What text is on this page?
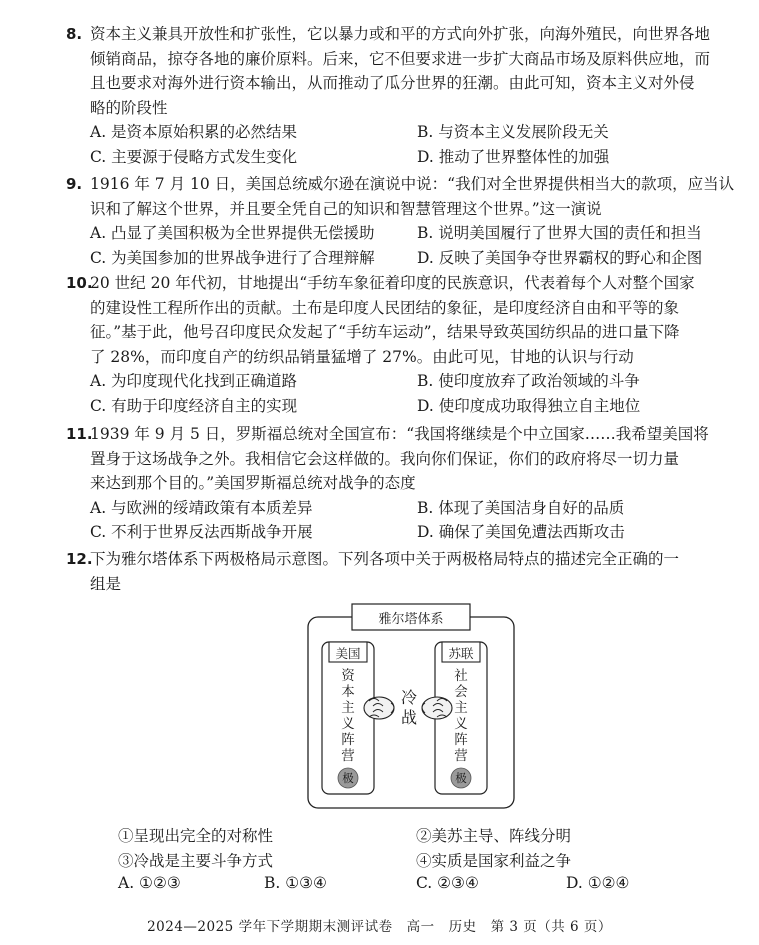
8. 资本主义兼具开放性和扩张性，它以暴力或和平的方式向外扩张，向海外殖民，向世界各地
倾销商品，掠夺各地的廉价原料。后来，它不但要求进一步扩大商品市场及原料供应地，而
且也要求对海外进行资本输出，从而推动了瓜分世界的狂潮。由此可知，资本主义对外侵
略的阶段性
A. 是资本原始积累的必然结果	B. 与资本主义发展阶段无关
C. 主要源于侵略方式发生变化	D. 推动了世界整体性的加强
9. 1916 年 7 月 10 日，美国总统威尔逊在演说中说：“我们对全世界提供相当大的款项，应当认
识和了解这个世界，并且要全凭自己的知识和智慧管理这个世界。”这一演说
A. 凸显了美国积极为全世界提供无偿援助	B. 说明美国履行了世界大国的责任和担当
C. 为美国参加的世界战争进行了合理辩解	D. 反映了美国争夺世界霸权的野心和企图
10.
20 世纪 20 年代初，甘地提出“手纺车象征着印度的民族意识，代表着每个人对整个国家
的建设性工程所作出的贡献。土布是印度人民团结的象征，是印度经济自由和平等的象
征。”基于此，他号召印度民众发起了“手纺车运动”，结果导致英国纺织品的进口量下降
了 28%，而印度自产的纺织品销量猛增了 27%。由此可见，甘地的认识与行动
A. 为印度现代化找到正确道路	B. 使印度放弃了政治领域的斗争
C. 有助于印度经济自主的实现	D. 使印度成功取得独立自主地位
11.
1939 年 9 月 5 日，罗斯福总统对全国宣布：“我国将继续是个中立国家……我希望美国将
置身于这场战争之外。我相信它会这样做的。我向你们保证，你们的政府将尽一切力量
来达到那个目的。”美国罗斯福总统对战争的态度
A. 与欧洲的绥靖政策有本质差异	B. 体现了美国洁身自好的品质
C. 不利于世界反法西斯战争开展	D. 确保了美国免遭法西斯攻击
12.
下为雅尔塔体系下两极格局示意图。下列各项中关于两极格局特点的描述完全正确的一
组是
雅尔塔体系
美国	苏联
资本主义阵营
社会主义阵营
冷战
极	极
①呈现出完全的对称性	②美苏主导、阵线分明
③冷战是主要斗争方式	④实质是国家利益之争
A. ①②③	B. ①③④	C. ②③④	D. ①②④
2024—2025 学年下学期期末测评试卷　高一　历史　第 3 页（共 6 页）
